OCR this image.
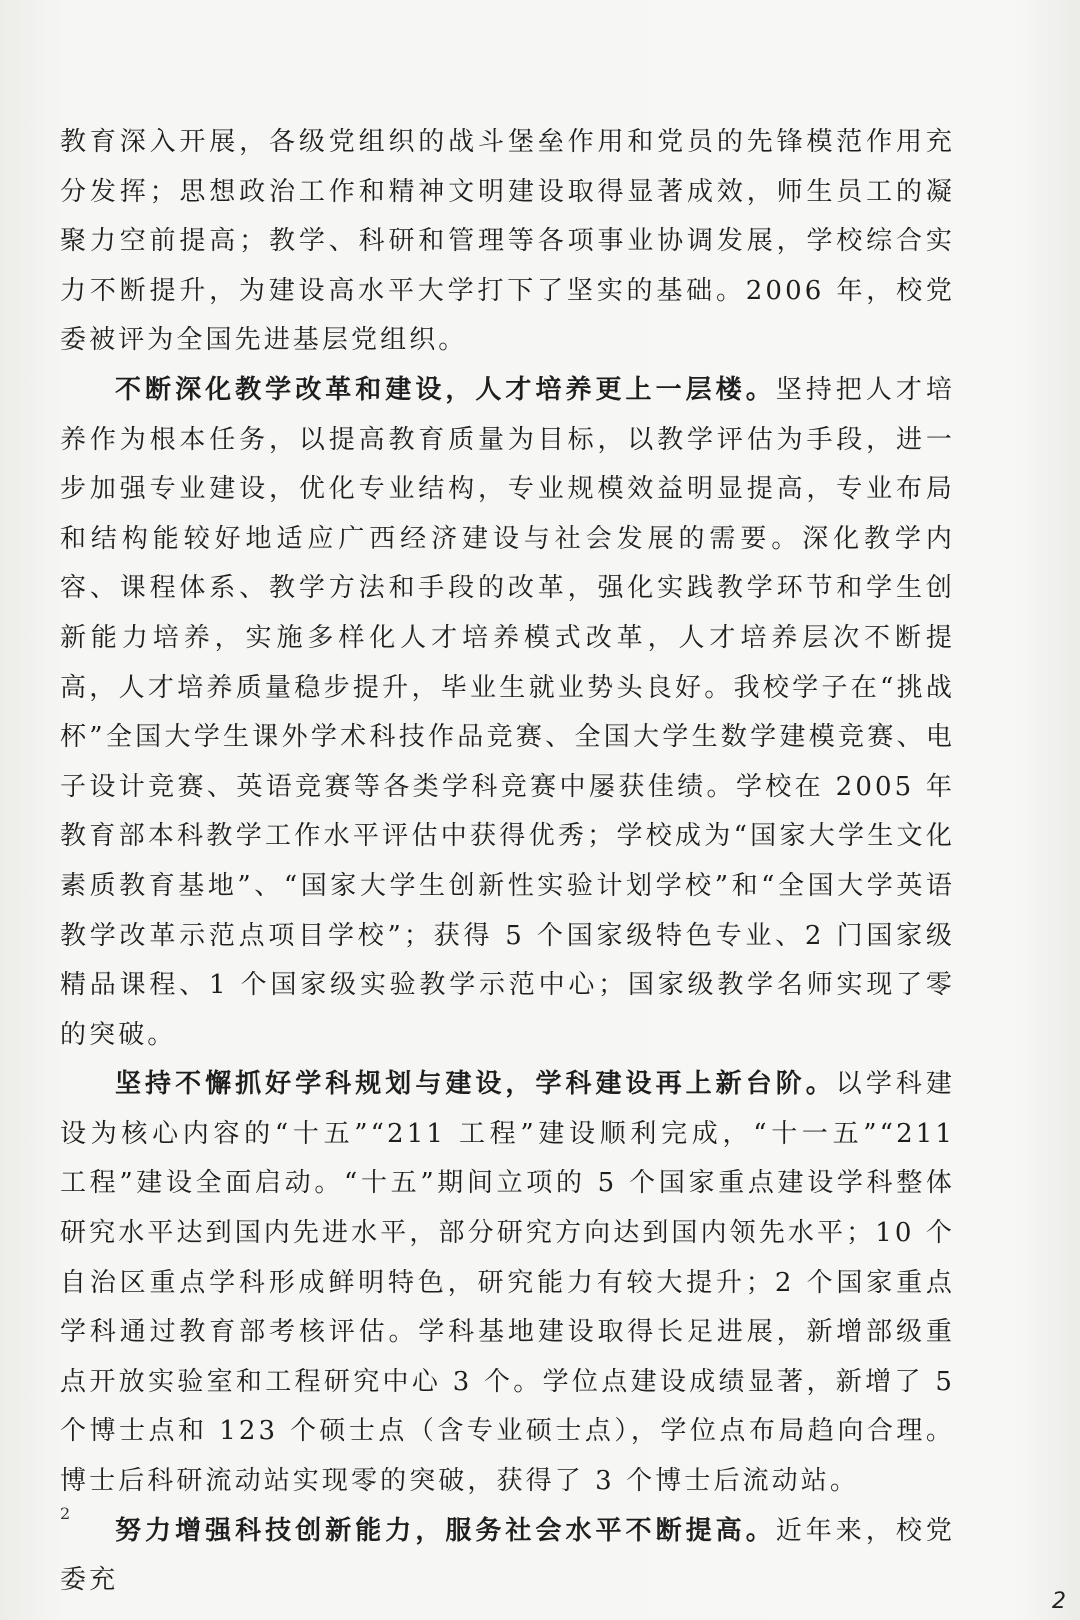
教育深入开展，各级党组织的战斗堡垒作用和党员的先锋模范作用充分发挥；思想政治工作和精神文明建设取得显著成效，师生员工的凝聚力空前提高；教学、科研和管理等各项事业协调发展，学校综合实力不断提升，为建设高水平大学打下了坚实的基础。2006 年，校党委被评为全国先进基层党组织。

不断深化教学改革和建设，人才培养更上一层楼。坚持把人才培养作为根本任务，以提高教育质量为目标，以教学评估为手段，进一步加强专业建设，优化专业结构，专业规模效益明显提高，专业布局和结构能较好地适应广西经济建设与社会发展的需要。深化教学内容、课程体系、教学方法和手段的改革，强化实践教学环节和学生创新能力培养，实施多样化人才培养模式改革，人才培养层次不断提高，人才培养质量稳步提升，毕业生就业势头良好。我校学子在“挑战杯”全国大学生课外学术科技作品竞赛、全国大学生数学建模竞赛、电子设计竞赛、英语竞赛等各类学科竞赛中屡获佳绩。学校在 2005 年教育部本科教学工作水平评估中获得优秀；学校成为“国家大学生文化素质教育基地”、“国家大学生创新性实验计划学校”和“全国大学英语教学改革示范点项目学校”；获得 5 个国家级特色专业、2 门国家级精品课程、1 个国家级实验教学示范中心；国家级教学名师实现了零的突破。

坚持不懈抓好学科规划与建设，学科建设再上新台阶。以学科建设为核心内容的“十五”“211 工程”建设顺利完成，“十一五”“211 工程”建设全面启动。“十五”期间立项的 5 个国家重点建设学科整体研究水平达到国内先进水平，部分研究方向达到国内领先水平；10 个自治区重点学科形成鲜明特色，研究能力有较大提升；2 个国家重点学科通过教育部考核评估。学科基地建设取得长足进展，新增部级重点开放实验室和工程研究中心 3 个。学位点建设成绩显著，新增了 5 个博士点和 123 个硕士点（含专业硕士点），学位点布局趋向合理。博士后科研流动站实现零的突破，获得了 3 个博士后流动站。

努力增强科技创新能力，服务社会水平不断提高。近年来，校党委充

2
2
